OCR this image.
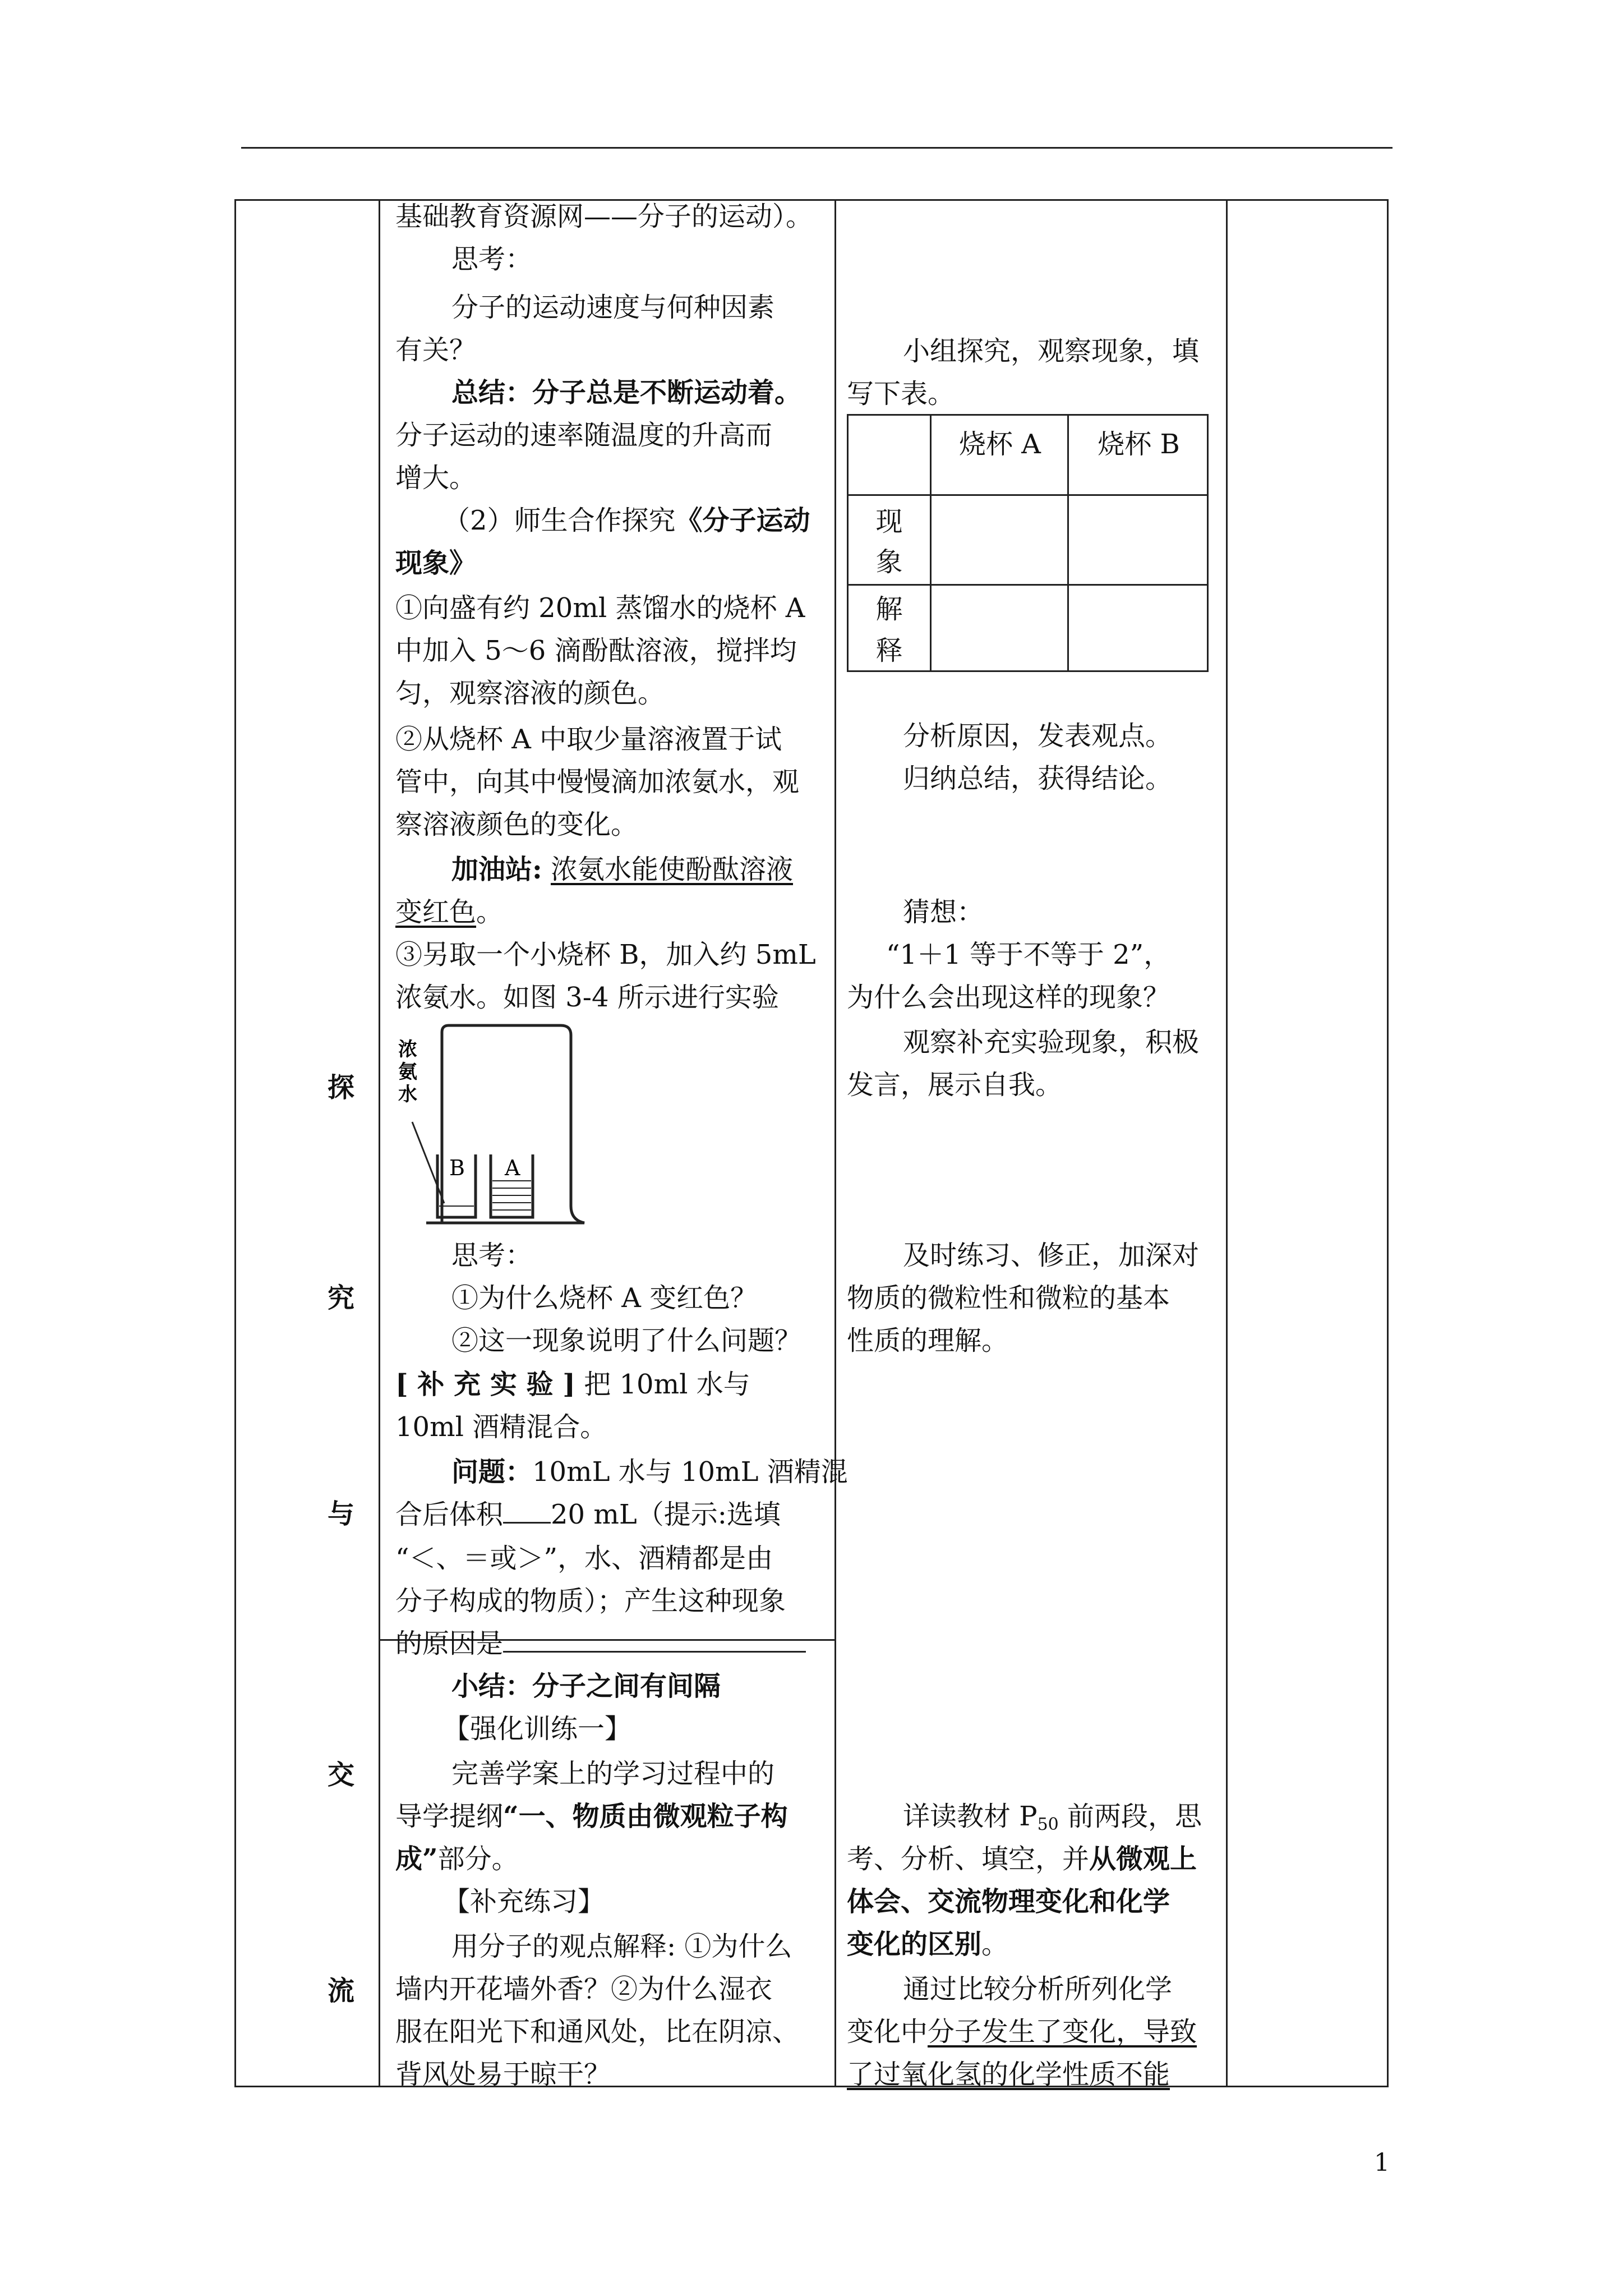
探
究
与
交
流
基础教育资源网——分子的运动）。
思考：
分子的运动速度与何种因素
有关？
总结：分子总是不断运动着。
分子运动的速率随温度的升高而
增大。
（2）师生合作探究《分子运动
现象》
①向盛有约 20ml 蒸馏水的烧杯 A
中加入 5～6 滴酚酞溶液，搅拌均
匀，观察溶液的颜色。
②从烧杯 A 中取少量溶液置于试
管中，向其中慢慢滴加浓氨水，观
察溶液颜色的变化。
加油站: 浓氨水能使酚酞溶液
变红色。
③另取一个小烧杯 B，加入约 5mL
浓氨水。如图 3-4 所示进行实验
浓
氨
水
B A
思考：
①为什么烧杯 A 变红色？
②这一现象说明了什么问题？
[ 补 充 实 验 ] 把 10ml 水与
10ml 酒精混合。
问题：10mL 水与 10mL 酒精混
合后体积 20 mL（提示:选填
“＜、＝或＞”，水、酒精都是由
分子构成的物质）；产生这种现象
的原因是
小结：分子之间有间隔
【强化训练一】
完善学案上的学习过程中的
导学提纲“一、物质由微观粒子构
成”部分。
【补充练习】
用分子的观点解释: ①为什么
墙内开花墙外香？②为什么湿衣
服在阳光下和通风处，比在阴凉、
背风处易于晾干？
小组探究，观察现象，填
写下表。
烧杯 A	烧杯 B
现
象
解
释
分析原因，发表观点。
归纳总结，获得结论。
猜想：
“1＋1 等于不等于 2”，
为什么会出现这样的现象？
观察补充实验现象，积极
发言，展示自我。
及时练习、修正，加深对
物质的微粒性和微粒的基本
性质的理解。
详读教材 $P_{50}$ 前两段，思
考、分析、填空，并从微观上
体会、交流物理变化和化学
变化的区别。
通过比较分析所列化学
变化中分子发生了变化，导致
了过氧化氢的化学性质不能
1
